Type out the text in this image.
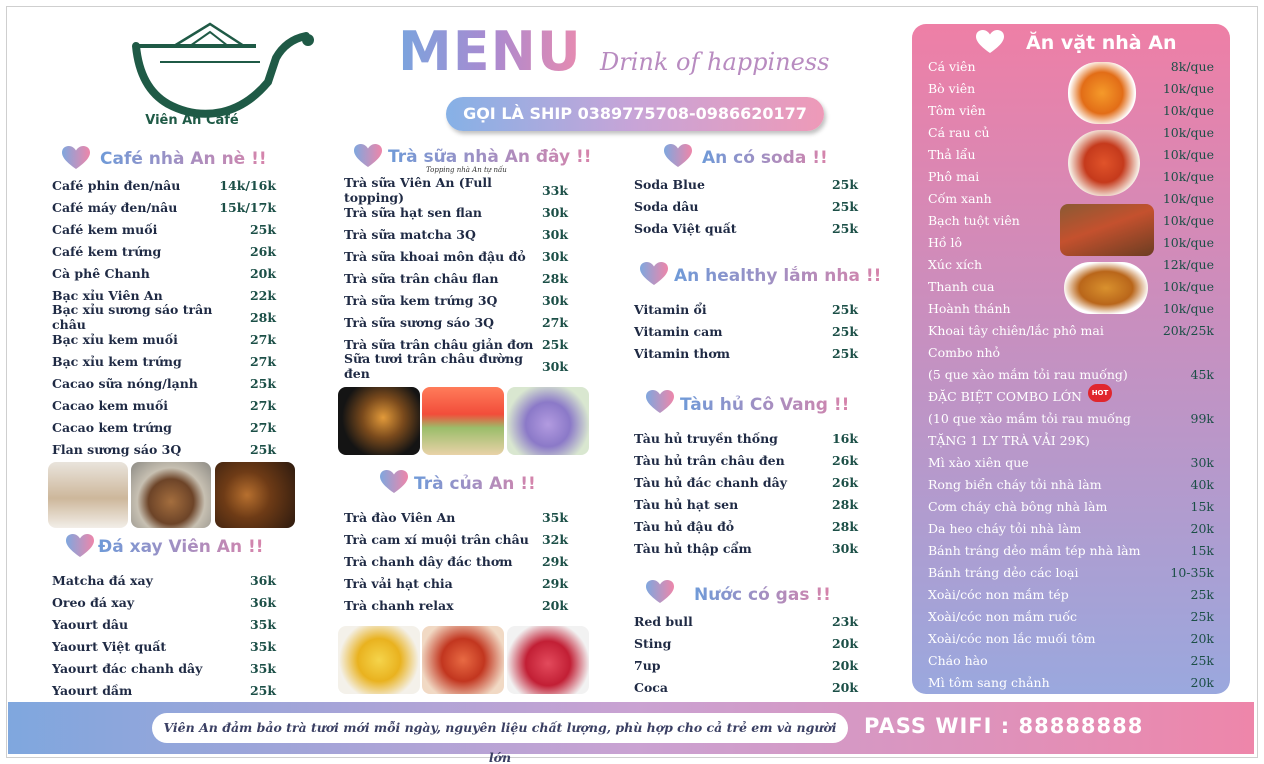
Viên An Café
MENU Drink of happiness
GỌI LÀ SHIP 0389775708-0986620177
Café nhà An nè !!
Café phin đen/nâu	14k/16k
Café máy đen/nâu	15k/17k
Café kem muối	25k
Café kem trứng	26k
Cà phê Chanh	20k
Bạc xỉu Viên An	22k
Bạc xỉu sương sáo trân châu	28k
Bạc xỉu kem muối	27k
Bạc xỉu kem trứng	27k
Cacao sữa nóng/lạnh	25k
Cacao kem muối	27k
Cacao kem trứng	27k
Flan sương sáo 3Q	25k
Đá xay Viên An !!
Matcha đá xay	36k
Oreo đá xay	36k
Yaourt dâu	35k
Yaourt Việt quất	35k
Yaourt đác chanh dây	35k
Yaourt dầm	25k
Trà sữa nhà An đây !!
Topping nhà An tự nấu
Trà sữa Viên An (Full topping)	33k
Trà sữa hạt sen flan	30k
Trà sữa matcha 3Q	30k
Trà sữa khoai môn đậu đỏ 30k
Trà sữa trân châu flan	28k
Trà sữa kem trứng 3Q	30k
Trà sữa sương sáo 3Q	27k
Trà sữa trân châu giản đơn 25k
Sữa tươi trân châu đường đen	30k
Trà của An !!
Trà đào Viên An	35k
Trà cam xí muội trân châu 32k
Trà chanh dây đác thơm 29k
Trà vải hạt chia	29k
Trà chanh relax	20k
An có soda !!
Soda Blue	25k
Soda dâu	25k
Soda Việt quất	25k
An healthy lắm nha !!
Vitamin ổi	25k
Vitamin cam	25k
Vitamin thơm	25k
Tàu hủ Cô Vang !!
Tàu hủ truyền thống	16k
Tàu hủ trân châu đen	26k
Tàu hủ đác chanh dây	26k
Tàu hủ hạt sen	28k
Tàu hủ đậu đỏ	28k
Tàu hủ thập cẩm	30k
Nước có gas !!
Red bull	23k
Sting	20k
7up	20k
Coca	20k
Ăn vặt nhà An
Cá viên	8k/que
Bò viên	10k/que
Tôm viên	10k/que
Cá rau củ	10k/que
Thả lẩu	10k/que
Phô mai	10k/que
Cốm xanh	10k/que
Bạch tuột viên	10k/que
Hồ lô	10k/que
Xúc xích	12k/que
Thanh cua	10k/que
Hoành thánh	10k/que
Khoai tây chiên/lắc phô mai	20k/25k
Combo nhỏ
(5 que xào mắm tỏi rau muống)	45k
ĐẶC BIỆT COMBO LỚN
(10 que xào mắm tỏi rau muống	99k
TẶNG 1 LY TRÀ VẢI 29K)
Mì xào xiên que	30k
Rong biển cháy tỏi nhà làm	40k
Cơm cháy chà bông nhà làm	15k
Da heo cháy tỏi nhà làm	20k
Bánh tráng dẻo mắm tép nhà làm	15k
Bánh tráng dẻo các loại	10-35k
Xoài/cóc non mắm tép	25k
Xoài/cóc non mắm ruốc	25k
Xoài/cóc non lắc muối tôm	20k
Cháo hào	25k
Mì tôm sang chảnh	20k
HOT
Viên An đảm bảo trà tươi mới mỗi ngày, nguyên liệu chất lượng, phù hợp cho cả trẻ em và người lớn
PASS WIFI : 88888888
